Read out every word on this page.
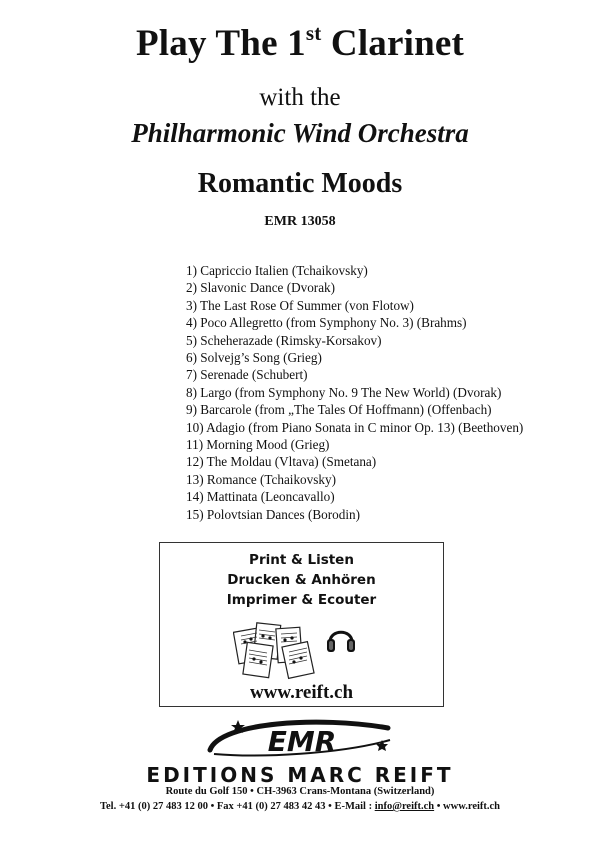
Play The 1st Clarinet
with the
Philharmonic Wind Orchestra
Romantic Moods
EMR 13058
1) Capriccio Italien (Tchaikovsky)
2) Slavonic Dance (Dvorak)
3) The Last Rose Of Summer (von Flotow)
4) Poco Allegretto (from Symphony No. 3) (Brahms)
5) Scheherazade (Rimsky-Korsakov)
6) Solvejg’s Song (Grieg)
7) Serenade (Schubert)
8) Largo (from Symphony No. 9 The New World) (Dvorak)
9) Barcarole (from „The Tales Of Hoffmann) (Offenbach)
10) Adagio (from Piano Sonata in C minor Op. 13) (Beethoven)
11) Morning Mood (Grieg)
12) The Moldau (Vltava) (Smetana)
13) Romance (Tchaikovsky)
14) Mattinata (Leoncavallo)
15) Polovtsian Dances (Borodin)
Print & Listen
Drucken & Anhören
Imprimer & Ecouter
www.reift.ch
EMR
EDITIONS MARC REIFT
Route du Golf 150 • CH-3963 Crans-Montana (Switzerland)
Tel. +41 (0) 27 483 12 00 • Fax +41 (0) 27 483 42 43 • E-Mail : info@reift.ch • www.reift.ch
